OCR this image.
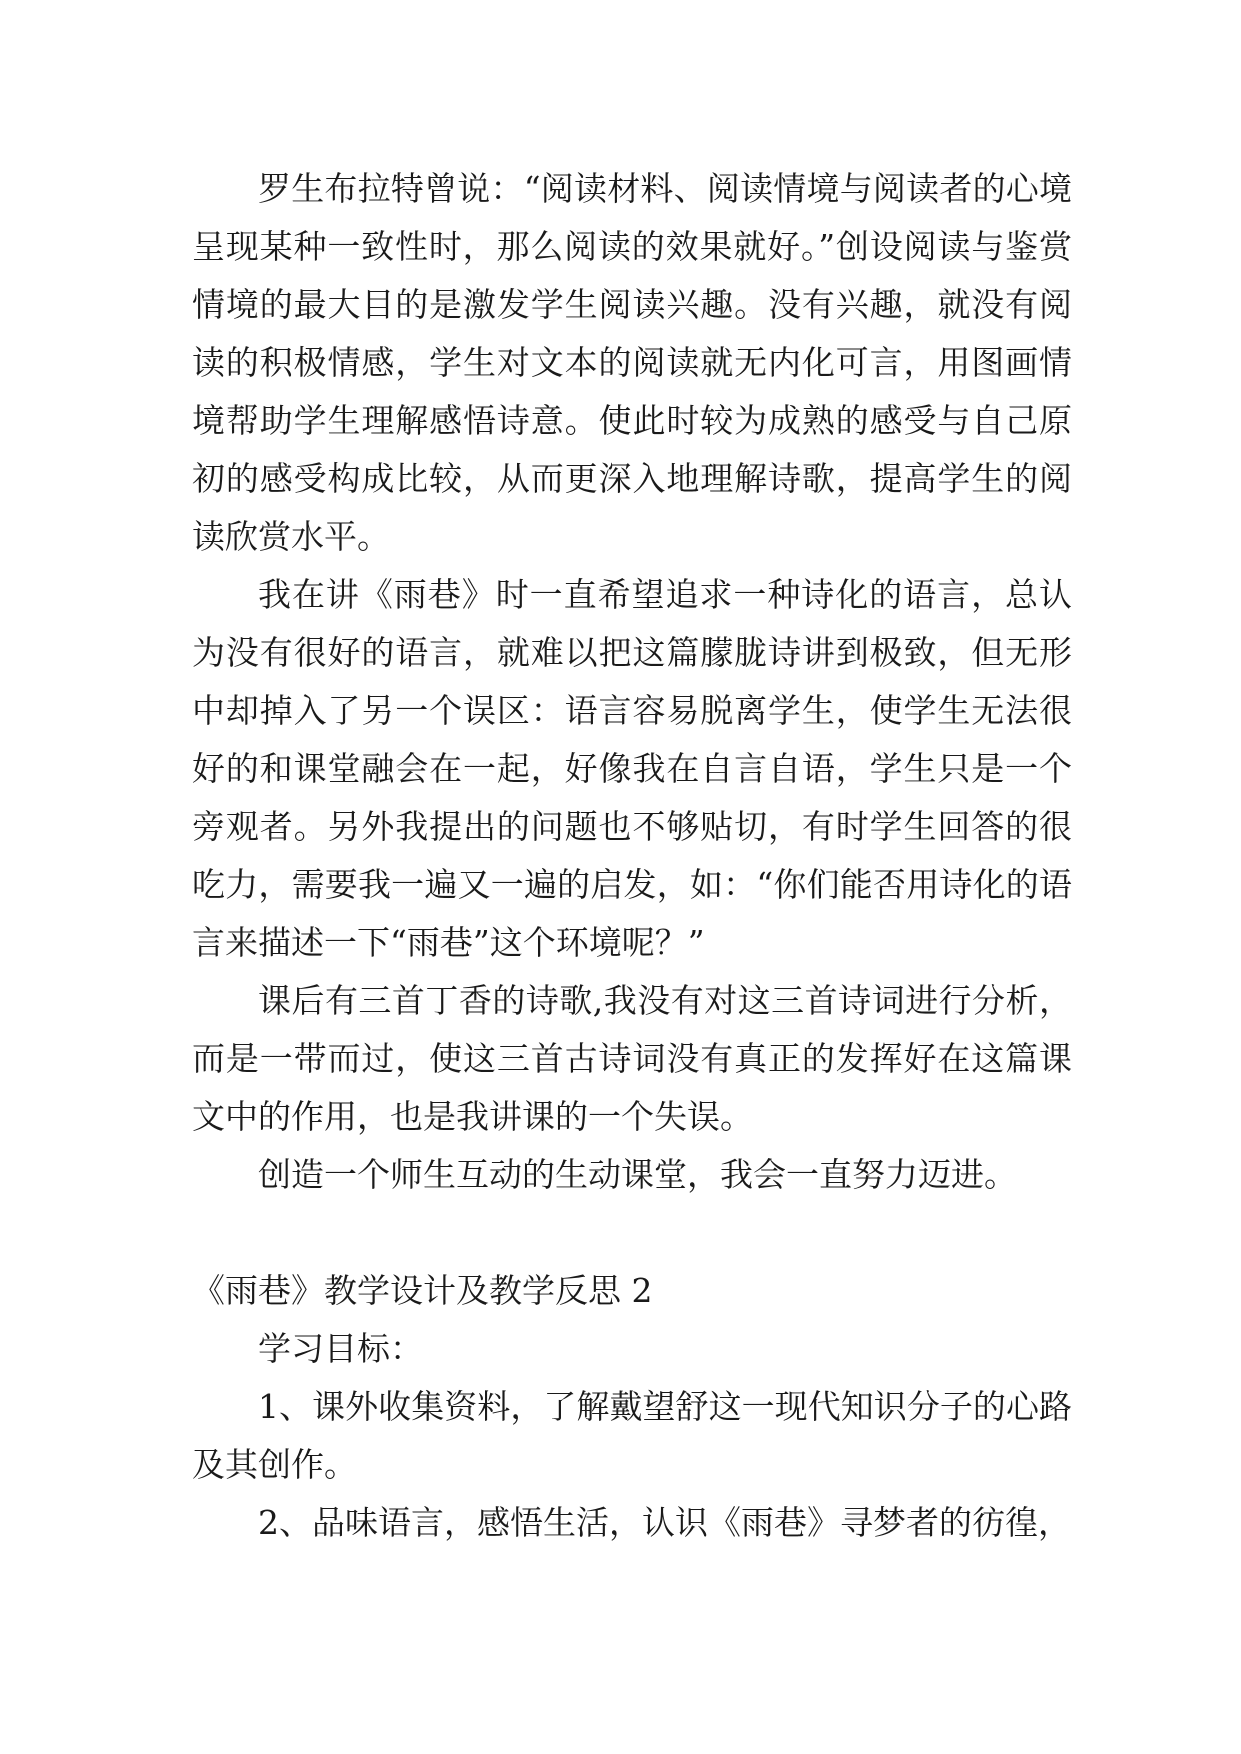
罗生布拉特曾说：“阅读材料、阅读情境与阅读者的心境呈现某种一致性时，那么阅读的效果就好。”创设阅读与鉴赏情境的最大目的是激发学生阅读兴趣。没有兴趣，就没有阅读的积极情感，学生对文本的阅读就无内化可言，用图画情境帮助学生理解感悟诗意。使此时较为成熟的感受与自己原初的感受构成比较，从而更深入地理解诗歌，提高学生的阅读欣赏水平。

我在讲《雨巷》时一直希望追求一种诗化的语言，总认为没有很好的语言，就难以把这篇朦胧诗讲到极致，但无形中却掉入了另一个误区：语言容易脱离学生，使学生无法很好的和课堂融会在一起，好像我在自言自语，学生只是一个旁观者。另外我提出的问题也不够贴切，有时学生回答的很吃力，需要我一遍又一遍的启发，如：“你们能否用诗化的语言来描述一下“雨巷”这个环境呢？”

课后有三首丁香的诗歌,我没有对这三首诗词进行分析，而是一带而过，使这三首古诗词没有真正的发挥好在这篇课文中的作用，也是我讲课的一个失误。

创造一个师生互动的生动课堂，我会一直努力迈进。

《雨巷》教学设计及教学反思 2

学习目标：

1、课外收集资料，了解戴望舒这一现代知识分子的心路及其创作。

2、品味语言，感悟生活，认识《雨巷》寻梦者的彷徨，
